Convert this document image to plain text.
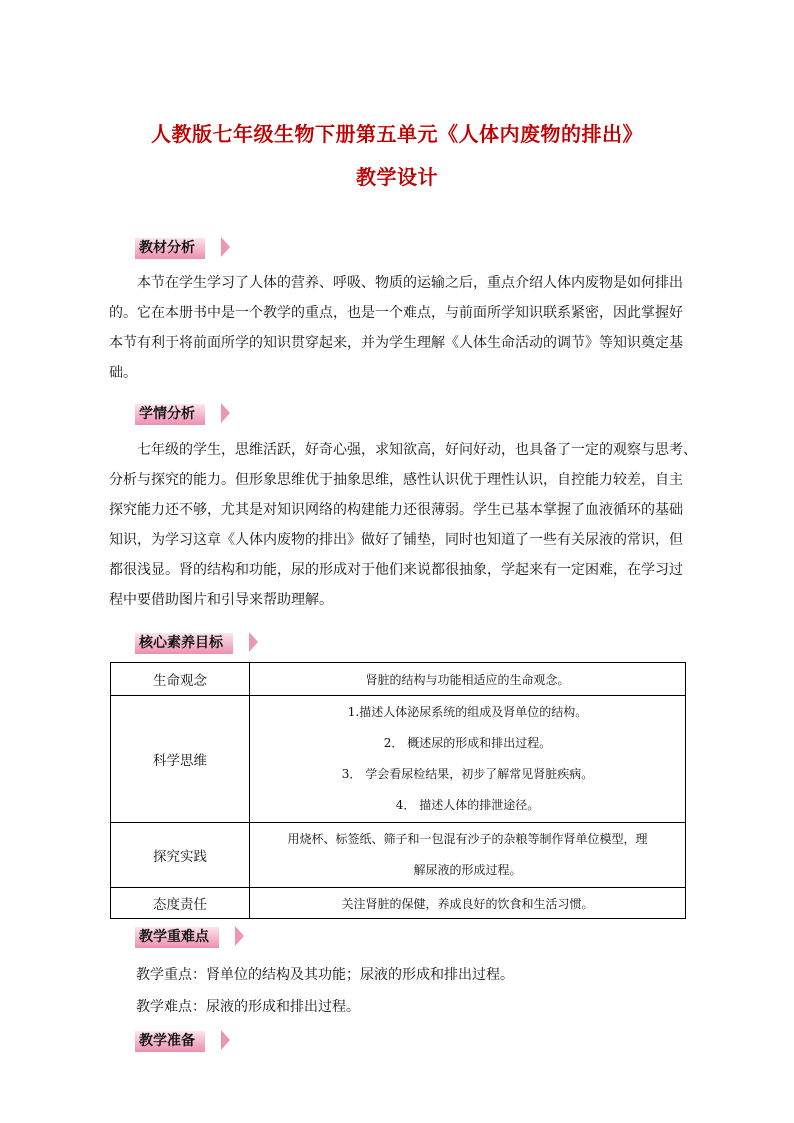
人教版七年级生物下册第五单元《人体内废物的排出》
教学设计
教材分析
本节在学生学习了人体的营养、呼吸、物质的运输之后，重点介绍人体内废物是如何排出
的。它在本册书中是一个教学的重点，也是一个难点，与前面所学知识联系紧密，因此掌握好
本节有利于将前面所学的知识贯穿起来，并为学生理解《人体生命活动的调节》等知识奠定基
础。
学情分析
七年级的学生，思维活跃，好奇心强，求知欲高，好问好动，也具备了一定的观察与思考、
分析与探究的能力。但形象思维优于抽象思维，感性认识优于理性认识，自控能力较差，自主
探究能力还不够，尤其是对知识网络的构建能力还很薄弱。学生已基本掌握了血液循环的基础
知识，为学习这章《人体内废物的排出》做好了铺垫，同时也知道了一些有关尿液的常识，但
都很浅显。肾的结构和功能，尿的形成对于他们来说都很抽象，学起来有一定困难，在学习过
程中要借助图片和引导来帮助理解。
核心素养目标
生命观念	肾脏的结构与功能相适应的生命观念。
科学思维	1.描述人体泌尿系统的组成及肾单位的结构。
2． 概述尿的形成和排出过程。
3． 学会看尿检结果，初步了解常见肾脏疾病。
4． 描述人体的排泄途径。

探究实践	用烧杯、标签纸、筛子和一包混有沙子的杂粮等制作肾单位模型，理
解尿液的形成过程。

态度责任	关注肾脏的保健，养成良好的饮食和生活习惯。
教学重难点
教学重点：肾单位的结构及其功能；尿液的形成和排出过程。
教学难点：尿液的形成和排出过程。
教学准备
